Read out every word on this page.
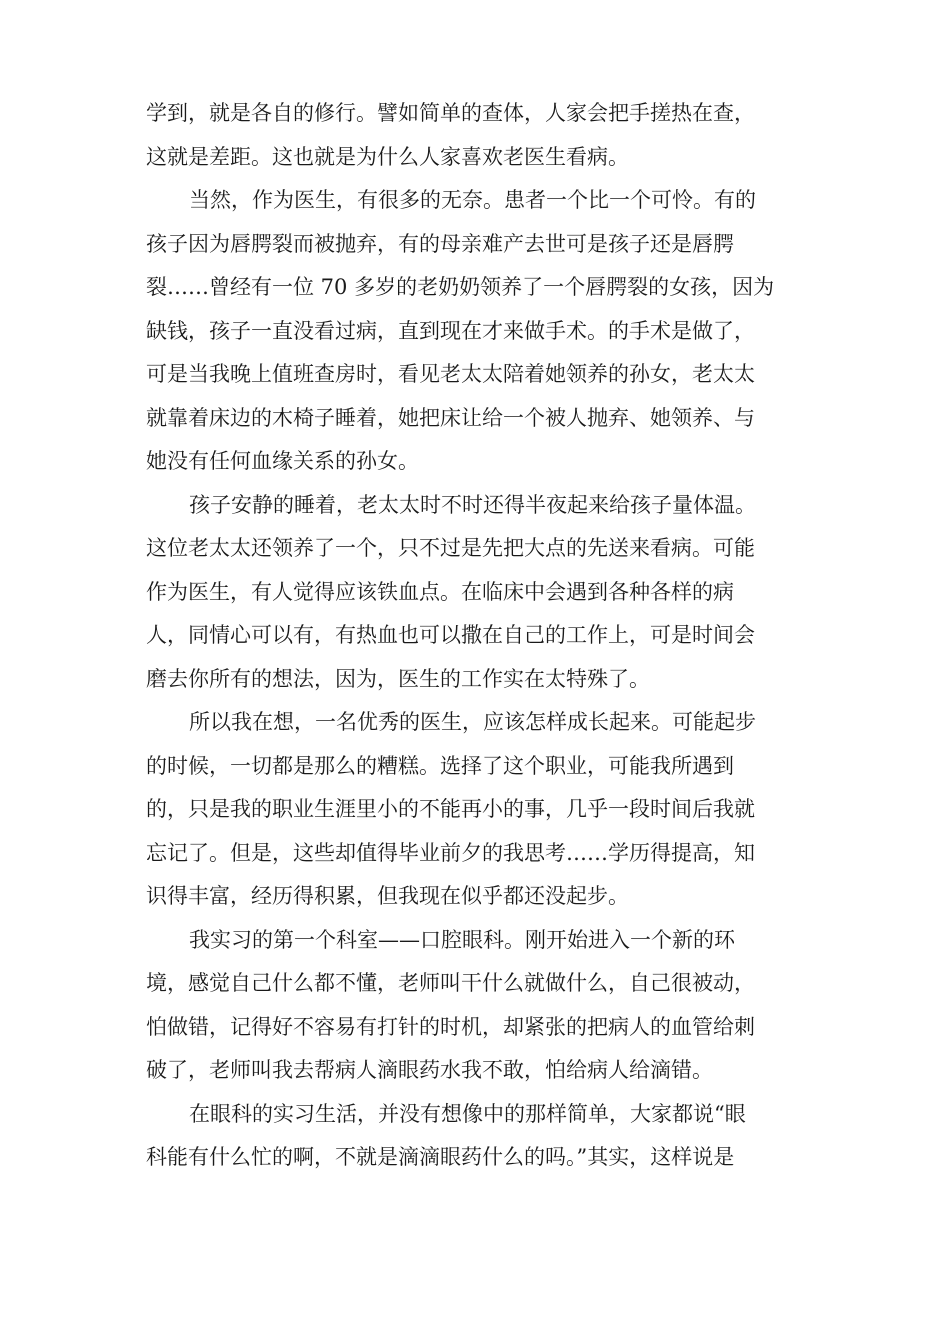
学到，就是各自的修行。譬如简单的查体，人家会把手搓热在查，
这就是差距。这也就是为什么人家喜欢老医生看病。
当然，作为医生，有很多的无奈。患者一个比一个可怜。有的
孩子因为唇腭裂而被抛弃，有的母亲难产去世可是孩子还是唇腭
裂……曾经有一位 70 多岁的老奶奶领养了一个唇腭裂的女孩，因为
缺钱，孩子一直没看过病，直到现在才来做手术。的手术是做了，
可是当我晚上值班查房时，看见老太太陪着她领养的孙女，老太太
就靠着床边的木椅子睡着，她把床让给一个被人抛弃、她领养、与
她没有任何血缘关系的孙女。
孩子安静的睡着，老太太时不时还得半夜起来给孩子量体温。
这位老太太还领养了一个，只不过是先把大点的先送来看病。可能
作为医生，有人觉得应该铁血点。在临床中会遇到各种各样的病
人，同情心可以有，有热血也可以撒在自己的工作上，可是时间会
磨去你所有的想法，因为，医生的工作实在太特殊了。
所以我在想，一名优秀的医生，应该怎样成长起来。可能起步
的时候，一切都是那么的糟糕。选择了这个职业，可能我所遇到
的，只是我的职业生涯里小的不能再小的事，几乎一段时间后我就
忘记了。但是，这些却值得毕业前夕的我思考……学历得提高，知
识得丰富，经历得积累，但我现在似乎都还没起步。
我实习的第一个科室——口腔眼科。刚开始进入一个新的环
境，感觉自己什么都不懂，老师叫干什么就做什么，自己很被动，
怕做错，记得好不容易有打针的时机，却紧张的把病人的血管给刺
破了，老师叫我去帮病人滴眼药水我不敢，怕给病人给滴错。
在眼科的实习生活，并没有想像中的那样简单，大家都说“眼
科能有什么忙的啊，不就是滴滴眼药什么的吗。”其实，这样说是
